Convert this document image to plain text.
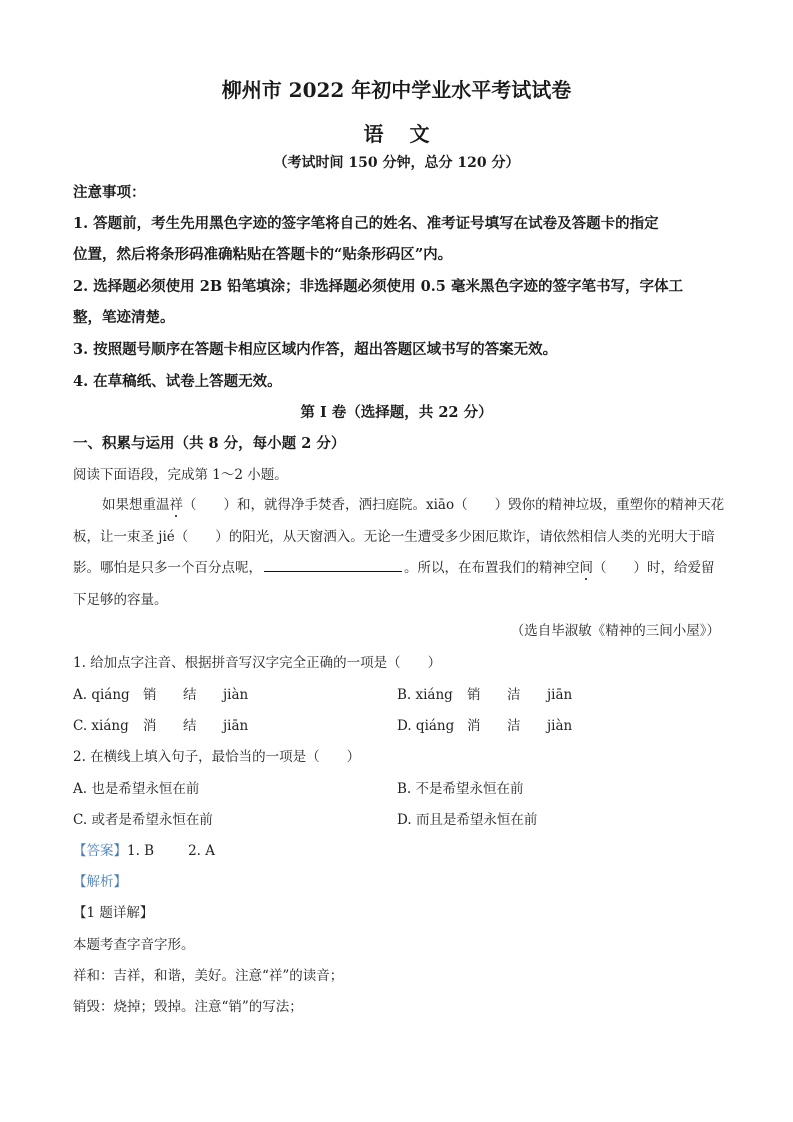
柳州市 2022 年初中学业水平考试试卷
语文
（考试时间 150 分钟，总分 120 分）
注意事项：
1. 答题前，考生先用黑色字迹的签字笔将自己的姓名、准考证号填写在试卷及答题卡的指定
位置，然后将条形码准确粘贴在答题卡的“贴条形码区”内。
2. 选择题必须使用 2B 铅笔填涂；非选择题必须使用 0.5 毫米黑色字迹的签字笔书写，字体工
整，笔迹清楚。
3. 按照题号顺序在答题卡相应区域内作答，超出答题区域书写的答案无效。
4. 在草稿纸、试卷上答题无效。
第 Ⅰ 卷（选择题，共 22 分）
一、积累与运用（共 8 分，每小题 2 分）
阅读下面语段，完成第 1～2 小题。
如果想重温祥（　　）和，就得净手焚香，洒扫庭院。xiāo（　　）毁你的精神垃圾，重塑你的精神天花
板，让一束圣 jié（　　）的阳光，从天窗洒入。无论一生遭受多少困厄欺诈，请依然相信人类的光明大于暗
影。哪怕是只多一个百分点呢，	。所以，在布置我们的精神空间（　　）时，给爱留
下足够的容量。
（选自毕淑敏《精神的三间小屋》）
1. 给加点字注音、根据拼音写汉字完全正确的一项是（　　）
A. qiáng 销 结 jiàn	B. xiáng 销 洁 jiān
C. xiáng 消 结 jiān	D. qiáng 消 洁 jiàn
2. 在横线上填入句子，最恰当的一项是（　　）
A. 也是希望永恒在前	B. 不是希望永恒在前
C. 或者是希望永恒在前	D. 而且是希望永恒在前
【答案】1. B	2. A
【解析】
【1 题详解】
本题考查字音字形。
祥和：吉祥，和谐，美好。注意“祥”的读音；
销毁：烧掉；毁掉。注意“销”的写法；
